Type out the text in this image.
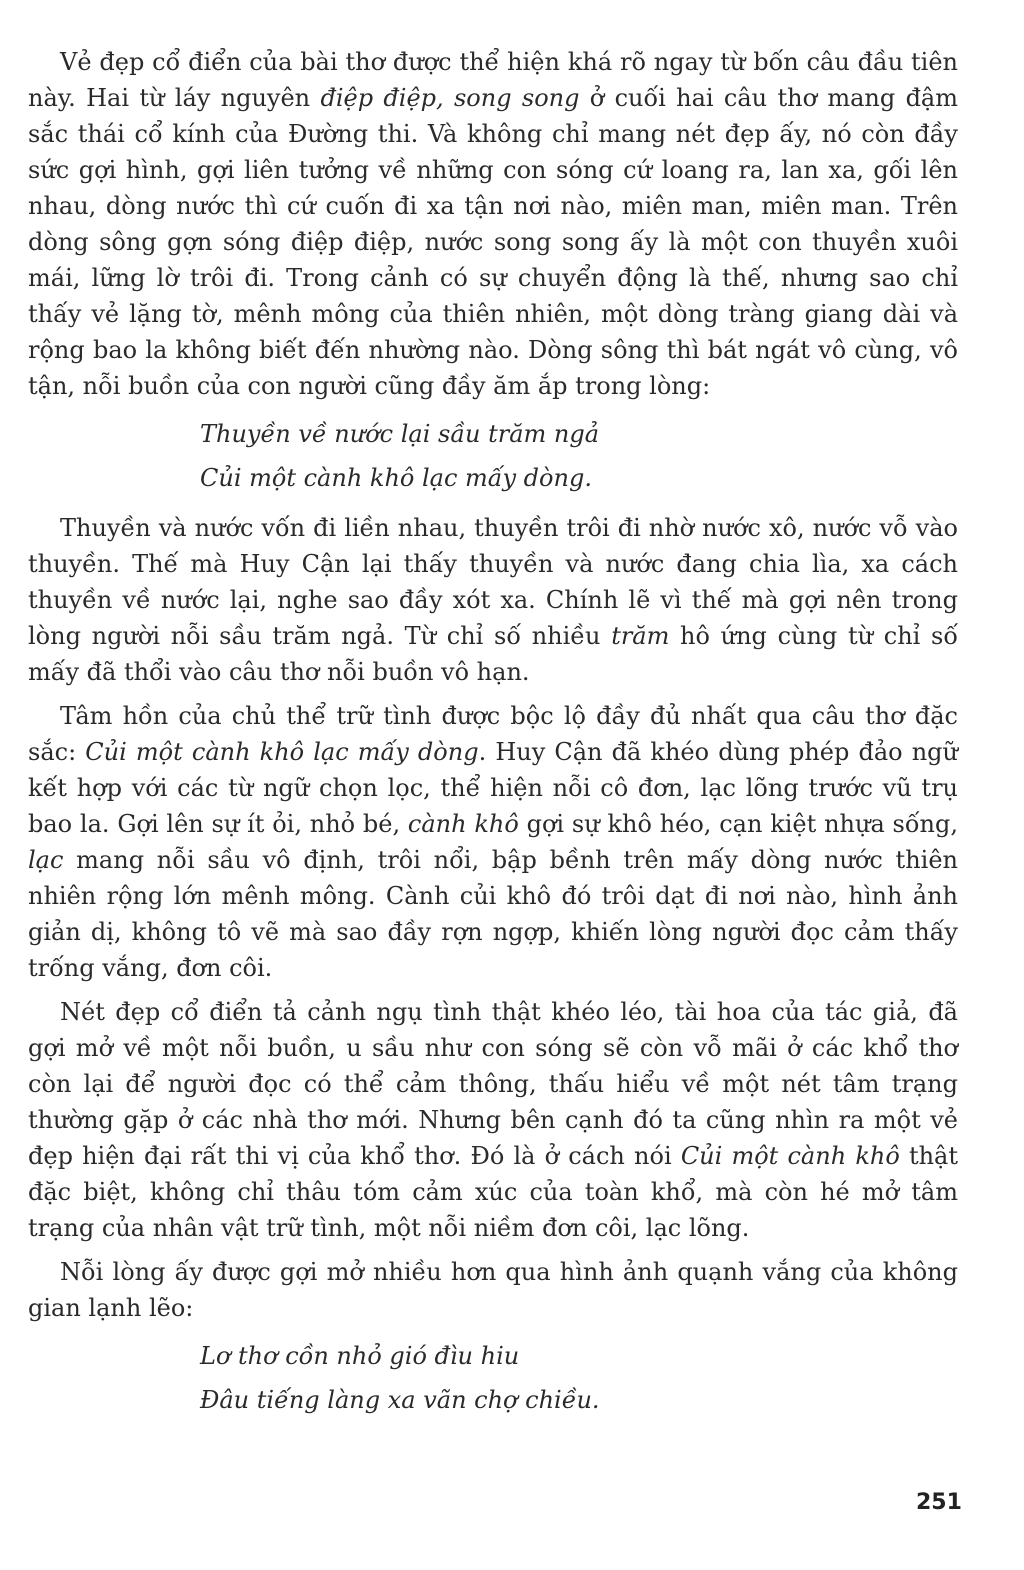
Vẻ đẹp cổ điển của bài thơ được thể hiện khá rõ ngay từ bốn câu đầu tiên này. Hai từ láy nguyên điệp điệp, song song ở cuối hai câu thơ mang đậm sắc thái cổ kính của Đường thi. Và không chỉ mang nét đẹp ấy, nó còn đầy sức gợi hình, gợi liên tưởng về những con sóng cứ loang ra, lan xa, gối lên nhau, dòng nước thì cứ cuốn đi xa tận nơi nào, miên man, miên man. Trên dòng sông gợn sóng điệp điệp, nước song song ấy là một con thuyền xuôi mái, lững lờ trôi đi. Trong cảnh có sự chuyển động là thế, nhưng sao chỉ thấy vẻ lặng tờ, mênh mông của thiên nhiên, một dòng tràng giang dài và rộng bao la không biết đến nhường nào. Dòng sông thì bát ngát vô cùng, vô tận, nỗi buồn của con người cũng đầy ăm ắp trong lòng:

Thuyền về nước lại sầu trăm ngả
Củi một cành khô lạc mấy dòng.

Thuyền và nước vốn đi liền nhau, thuyền trôi đi nhờ nước xô, nước vỗ vào thuyền. Thế mà Huy Cận lại thấy thuyền và nước đang chia lìa, xa cách thuyền về nước lại, nghe sao đầy xót xa. Chính lẽ vì thế mà gợi nên trong lòng người nỗi sầu trăm ngả. Từ chỉ số nhiều trăm hô ứng cùng từ chỉ số mấy đã thổi vào câu thơ nỗi buồn vô hạn.

Tâm hồn của chủ thể trữ tình được bộc lộ đầy đủ nhất qua câu thơ đặc sắc: Củi một cành khô lạc mấy dòng. Huy Cận đã khéo dùng phép đảo ngữ kết hợp với các từ ngữ chọn lọc, thể hiện nỗi cô đơn, lạc lõng trước vũ trụ bao la. Gợi lên sự ít ỏi, nhỏ bé, cành khô gợi sự khô héo, cạn kiệt nhựa sống, lạc mang nỗi sầu vô định, trôi nổi, bập bềnh trên mấy dòng nước thiên nhiên rộng lớn mênh mông. Cành củi khô đó trôi dạt đi nơi nào, hình ảnh giản dị, không tô vẽ mà sao đầy rợn ngợp, khiến lòng người đọc cảm thấy trống vắng, đơn côi.

Nét đẹp cổ điển tả cảnh ngụ tình thật khéo léo, tài hoa của tác giả, đã gợi mở về một nỗi buồn, u sầu như con sóng sẽ còn vỗ mãi ở các khổ thơ còn lại để người đọc có thể cảm thông, thấu hiểu về một nét tâm trạng thường gặp ở các nhà thơ mới. Nhưng bên cạnh đó ta cũng nhìn ra một vẻ đẹp hiện đại rất thi vị của khổ thơ. Đó là ở cách nói Củi một cành khô thật đặc biệt, không chỉ thâu tóm cảm xúc của toàn khổ, mà còn hé mở tâm trạng của nhân vật trữ tình, một nỗi niềm đơn côi, lạc lõng.

Nỗi lòng ấy được gợi mở nhiều hơn qua hình ảnh quạnh vắng của không gian lạnh lẽo:

Lơ thơ cồn nhỏ gió đìu hiu
Đâu tiếng làng xa vãn chợ chiều.
251
